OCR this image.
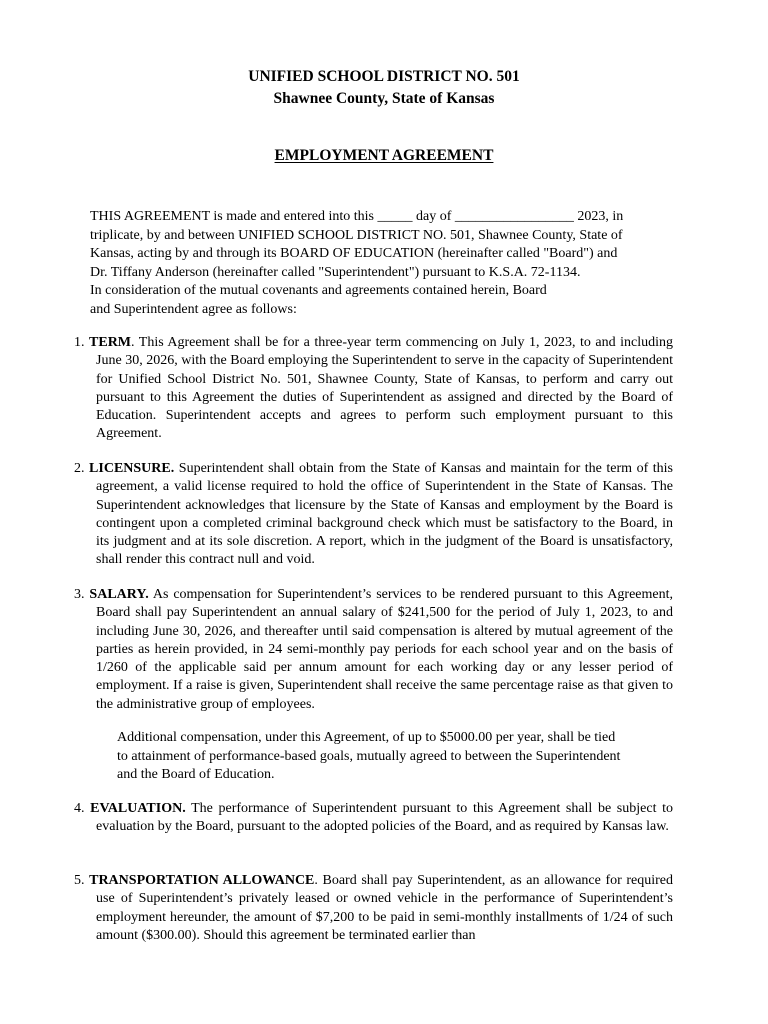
UNIFIED SCHOOL DISTRICT NO. 501
Shawnee County, State of Kansas
EMPLOYMENT AGREEMENT

THIS AGREEMENT is made and entered into this _____ day of _________________ 2023, in

triplicate, by and between UNIFIED SCHOOL DISTRICT NO. 501, Shawnee County, State of

Kansas, acting by and through its BOARD OF EDUCATION (hereinafter called "Board") and

Dr. Tiffany Anderson (hereinafter called "Superintendent") pursuant to K.S.A. 72-1134.

In consideration of the mutual covenants and agreements contained herein, Board

and Superintendent agree as follows:

1. TERM. This Agreement shall be for a three-year term commencing on July 1, 2023, to and including June 30, 2026, with the Board employing the Superintendent to serve in the capacity of Superintendent for Unified School District No. 501, Shawnee County, State of Kansas, to perform and carry out pursuant to this Agreement the duties of Superintendent as assigned and directed by the Board of Education. Superintendent accepts and agrees to perform such employment pursuant to this Agreement.
2. LICENSURE. Superintendent shall obtain from the State of Kansas and maintain for the term of this agreement, a valid license required to hold the office of Superintendent in the State of Kansas. The Superintendent acknowledges that licensure by the State of Kansas and employment by the Board is contingent upon a completed criminal background check which must be satisfactory to the Board, in its judgment and at its sole discretion. A report, which in the judgment of the Board is unsatisfactory, shall render this contract null and void.
3. SALARY. As compensation for Superintendent’s services to be rendered pursuant to this Agreement, Board shall pay Superintendent an annual salary of $241,500 for the period of July 1, 2023, to and including June 30, 2026, and thereafter until said compensation is altered by mutual agreement of the parties as herein provided, in 24 semi-monthly pay periods for each school year and on the basis of 1/260 of the applicable said per annum amount for each working day or any lesser period of employment. If a raise is given, Superintendent shall receive the same percentage raise as that given to the administrative group of employees.
Additional compensation, under this Agreement, of up to $5000.00 per year, shall be tied
to attainment of performance-based goals, mutually agreed to between the Superintendent
and the Board of Education.
4. EVALUATION. The performance of Superintendent pursuant to this Agreement shall be subject to evaluation by the Board, pursuant to the adopted policies of the Board, and as required by Kansas law.
5. TRANSPORTATION ALLOWANCE. Board shall pay Superintendent, as an allowance for required use of Superintendent’s privately leased or owned vehicle in the performance of Superintendent’s employment hereunder, the amount of $7,200 to be paid in semi-monthly installments of 1/24 of such amount ($300.00). Should this agreement be terminated earlier than
